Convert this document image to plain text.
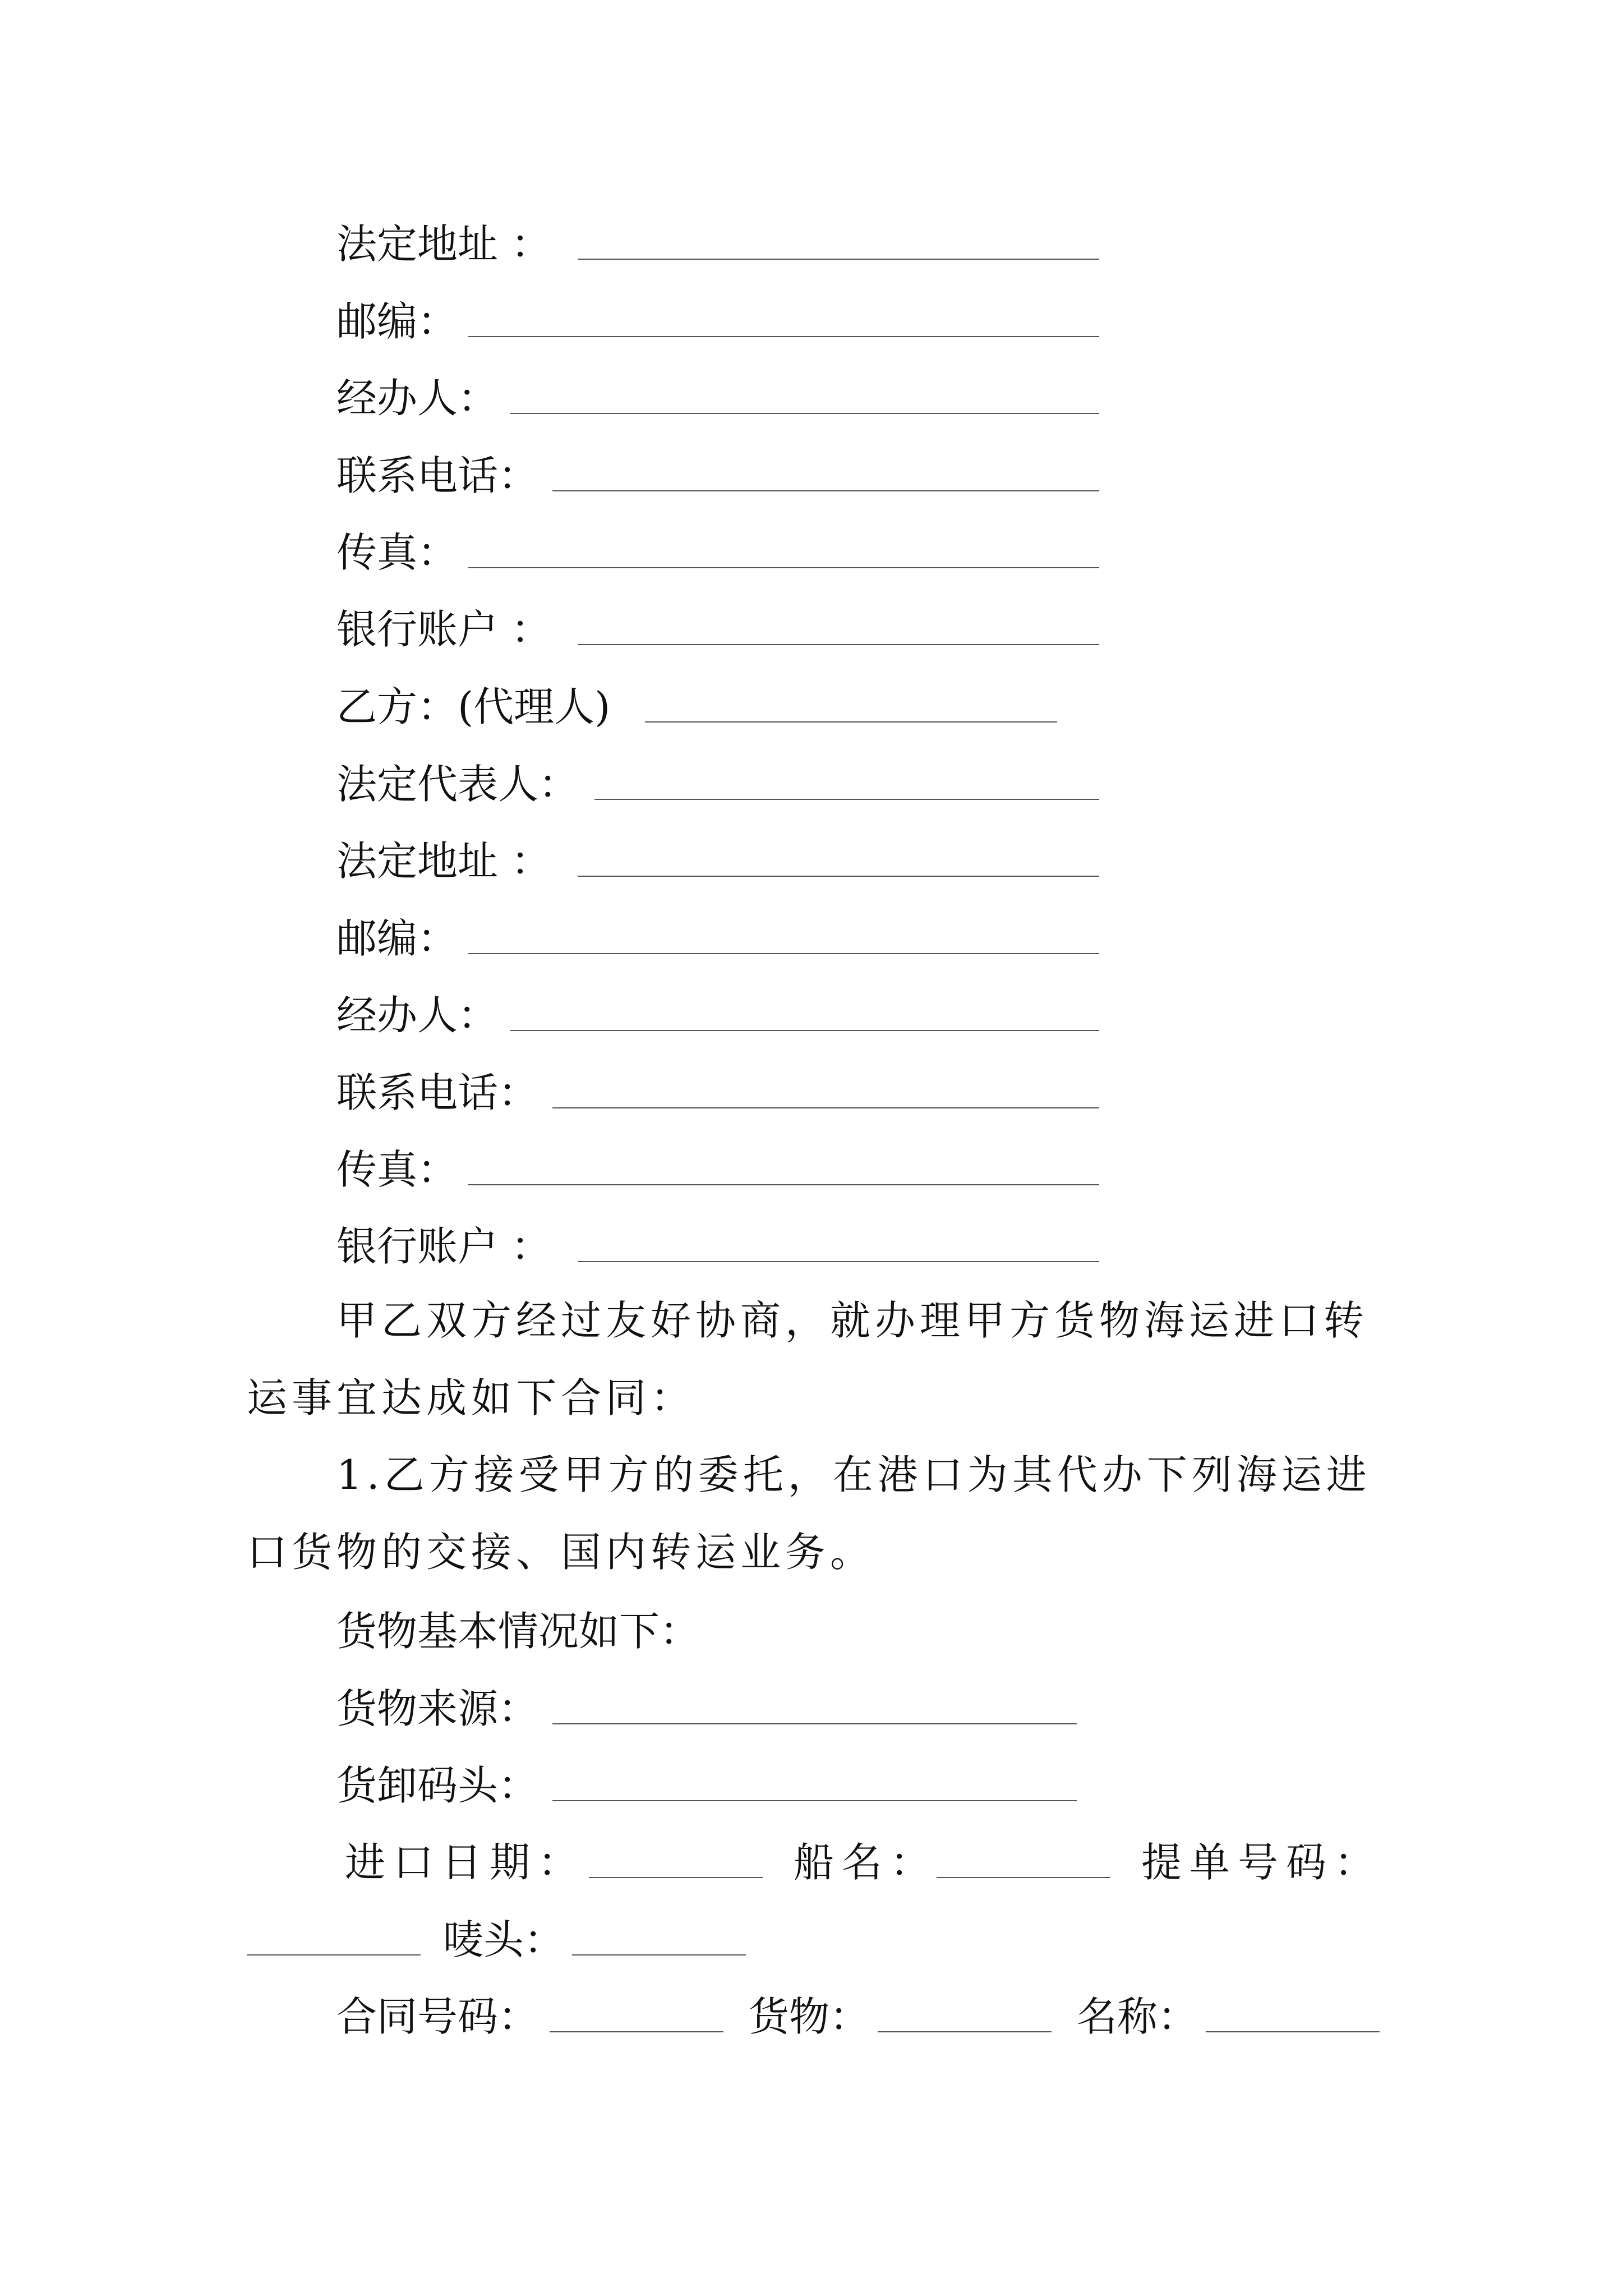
法定地址 ：
邮编：
经办人：
联系电话：
传真：
银行账户 ：
乙方：(代理人)
法定代表人：
法定地址 ：
邮编：
经办人：
联系电话：
传真：
银行账户 ：
甲乙双方经过友好协商，就办理甲方货物海运进口转运事宜达成如下合同：
1.乙方接受甲方的委托，在港口为其代办下列海运进口货物的交接、国内转运业务。
货物基本情况如下：
货物来源：
货卸码头：
进口日期：	船名：	提单号码：
唛头：
合同号码：	货物：	名称：
